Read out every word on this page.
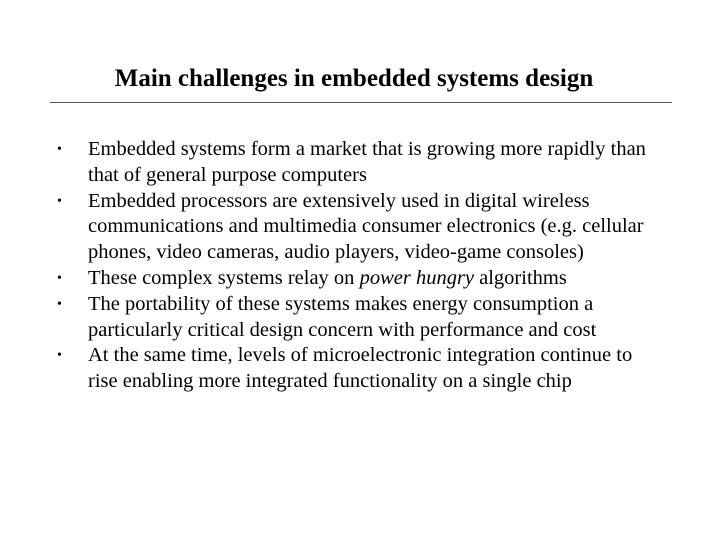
Main challenges in embedded systems design
• Embedded systems form a market that is growing more rapidly than
that of general purpose computers
• Embedded processors are extensively used in digital wireless
communications and multimedia consumer electronics (e.g. cellular
phones, video cameras, audio players, video-game consoles)
• These complex systems relay on power hungry algorithms
• The portability of these systems makes energy consumption a
particularly critical design concern with performance and cost
• At the same time, levels of microelectronic integration continue to
rise enabling more integrated functionality on a single chip
